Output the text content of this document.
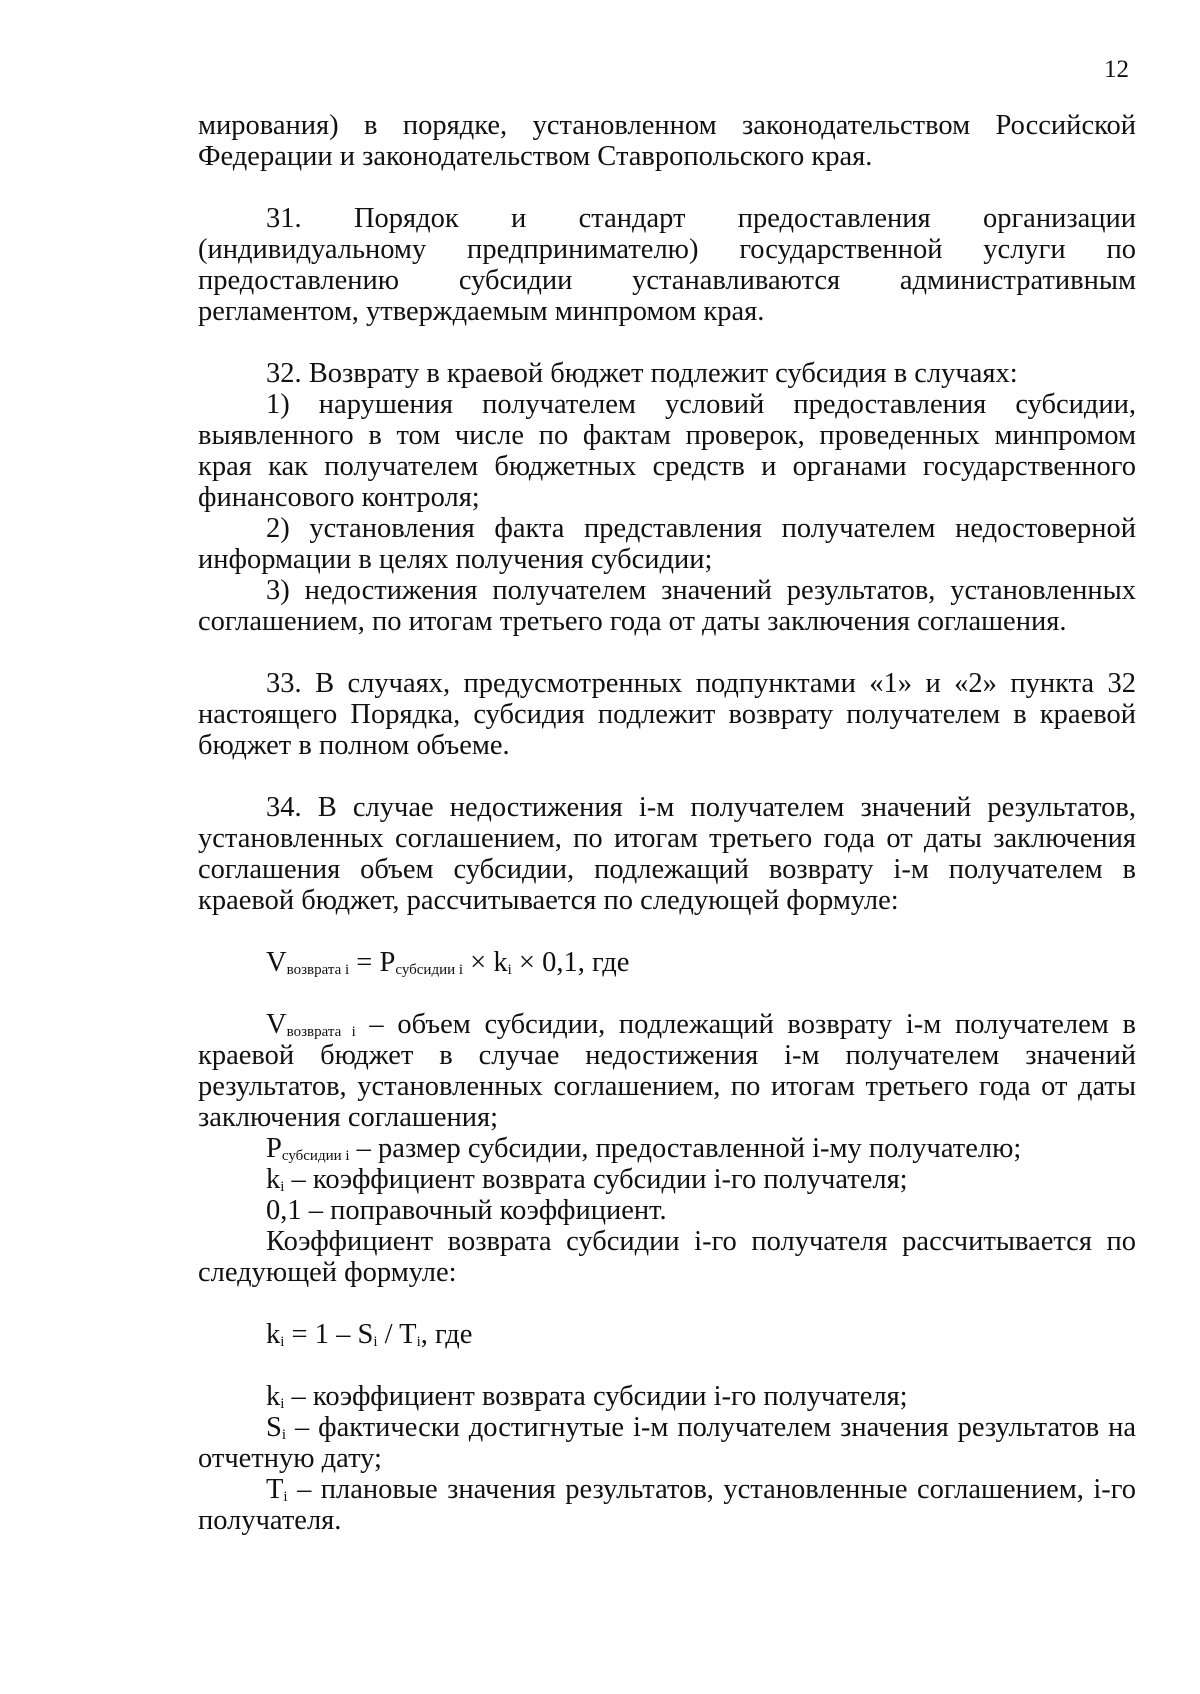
12

мирования) в порядке, установленном законодательством Российской Федерации и законодательством Ставропольского края.

31. Порядок и стандарт предоставления организации (индивидуальному предпринимателю) государственной услуги по предоставлению субсидии устанавливаются административным регламентом, утверждаемым минпромом края.

32. Возврату в краевой бюджет подлежит субсидия в случаях:

1) нарушения получателем условий предоставления субсидии, выявленного в том числе по фактам проверок, проведенных минпромом края как получателем бюджетных средств и органами государственного финансового контроля;

2) установления факта представления получателем недостоверной информации в целях получения субсидии;

3) недостижения получателем значений результатов, установленных соглашением, по итогам третьего года от даты заключения соглашения.

33. В случаях, предусмотренных подпунктами «1» и «2» пункта 32 настоящего Порядка, субсидия подлежит возврату получателем в краевой бюджет в полном объеме.

34. В случае недостижения i-м получателем значений результатов, установленных соглашением, по итогам третьего года от даты заключения соглашения объем субсидии, подлежащий возврату i-м получателем в краевой бюджет, рассчитывается по следующей формуле:

$V_{возврата i} = P_{субсидии i} \times k_i \times 0,1$, где

$V_{возврата i}$ – объем субсидии, подлежащий возврату i-м получателем в краевой бюджет в случае недостижения i-м получателем значений результатов, установленных соглашением, по итогам третьего года от даты заключения соглашения;

$P_{субсидии i}$ – размер субсидии, предоставленной i-му получателю;

$k_i$ – коэффициент возврата субсидии i-го получателя;

0,1 – поправочный коэффициент.

Коэффициент возврата субсидии i-го получателя рассчитывается по следующей формуле:

$k_i = 1 - S_i / T_i$, где

$k_i$ – коэффициент возврата субсидии i-го получателя;

$S_i$ – фактически достигнутые i-м получателем значения результатов на отчетную дату;

$T_i$ – плановые значения результатов, установленные соглашением, i-го получателя.
